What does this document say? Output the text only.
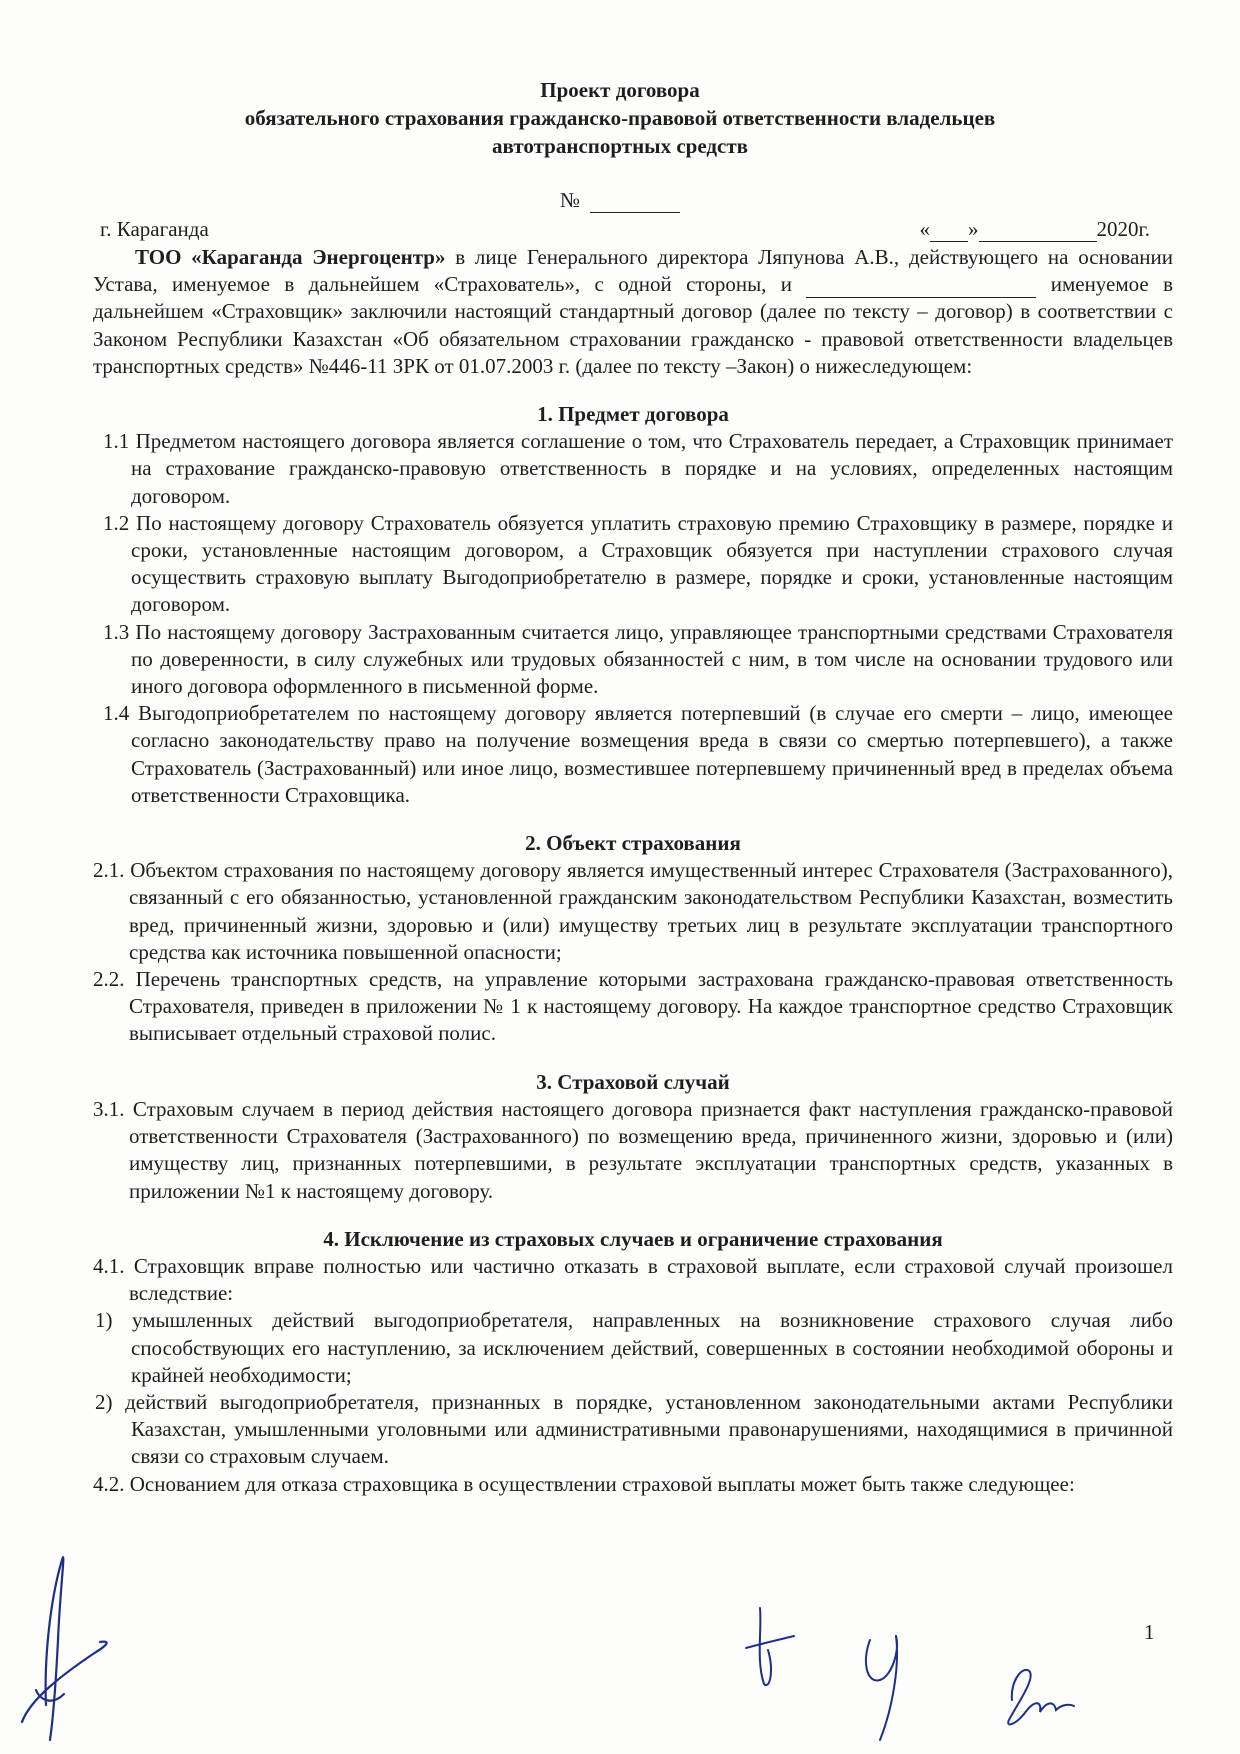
Проект договора
обязательного страхования гражданско-правовой ответственности владельцев
автотранспортных средств
№
г. Караганда	« »	2020г.

ТОО «Караганда Энергоцентр» в лице Генерального директора Ляпунова А.В., действующего на основании Устава, именуемое в дальнейшем «Страхователь», с одной стороны, и	именуемое в дальнейшем «Страховщик» заключили настоящий стандартный договор (далее по тексту – договор) в соответствии с Законом Республики Казахстан «Об обязательном страховании гражданско - правовой ответственности владельцев транспортных средств» №446-11 ЗРК от 01.07.2003 г. (далее по тексту –Закон) о нижеследующем:

1. Предмет договора

1.1 Предметом настоящего договора является соглашение о том, что Страхователь передает, а Страховщик принимает на страхование гражданско-правовую ответственность в порядке и на условиях, определенных настоящим договором.

1.2 По настоящему договору Страхователь обязуется уплатить страховую премию Страховщику в размере, порядке и сроки, установленные настоящим договором, а Страховщик обязуется при наступлении страхового случая осуществить страховую выплату Выгодоприобретателю в размере, порядке и сроки, установленные настоящим договором.

1.3 По настоящему договору Застрахованным считается лицо, управляющее транспортными средствами Страхователя по доверенности, в силу служебных или трудовых обязанностей с ним, в том числе на основании трудового или иного договора оформленного в письменной форме.

1.4 Выгодоприобретателем по настоящему договору является потерпевший (в случае его смерти – лицо, имеющее согласно законодательству право на получение возмещения вреда в связи со смертью потерпевшего), а также Страхователь (Застрахованный) или иное лицо, возместившее потерпевшему причиненный вред в пределах объема ответственности Страховщика.

2. Объект страхования

2.1. Объектом страхования по настоящему договору является имущественный интерес Страхователя (Застрахованного), связанный с его обязанностью, установленной гражданским законодательством Республики Казахстан, возместить вред, причиненный жизни, здоровью и (или) имуществу третьих лиц в результате эксплуатации транспортного средства как источника повышенной опасности;

2.2. Перечень транспортных средств, на управление которыми застрахована гражданско-правовая ответственность Страхователя, приведен в приложении № 1 к настоящему договору. На каждое транспортное средство Страховщик выписывает отдельный страховой полис.

3. Страховой случай

3.1. Страховым случаем в период действия настоящего договора признается факт наступления гражданско-правовой ответственности Страхователя (Застрахованного) по возмещению вреда, причиненного жизни, здоровью и (или) имуществу лиц, признанных потерпевшими, в результате эксплуатации транспортных средств, указанных в приложении №1 к настоящему договору.

4. Исключение из страховых случаев и ограничение страхования

4.1. Страховщик вправе полностью или частично отказать в страховой выплате, если страховой случай произошел вследствие:

1) умышленных действий выгодоприобретателя, направленных на возникновение страхового случая либо способствующих его наступлению, за исключением действий, совершенных в состоянии необходимой обороны и крайней необходимости;

2) действий выгодоприобретателя, признанных в порядке, установленном законодательными актами Республики Казахстан, умышленными уголовными или административными правонарушениями, находящимися в причинной связи со страховым случаем.

4.2. Основанием для отказа страховщика в осуществлении страховой выплаты может быть также следующее:

1
